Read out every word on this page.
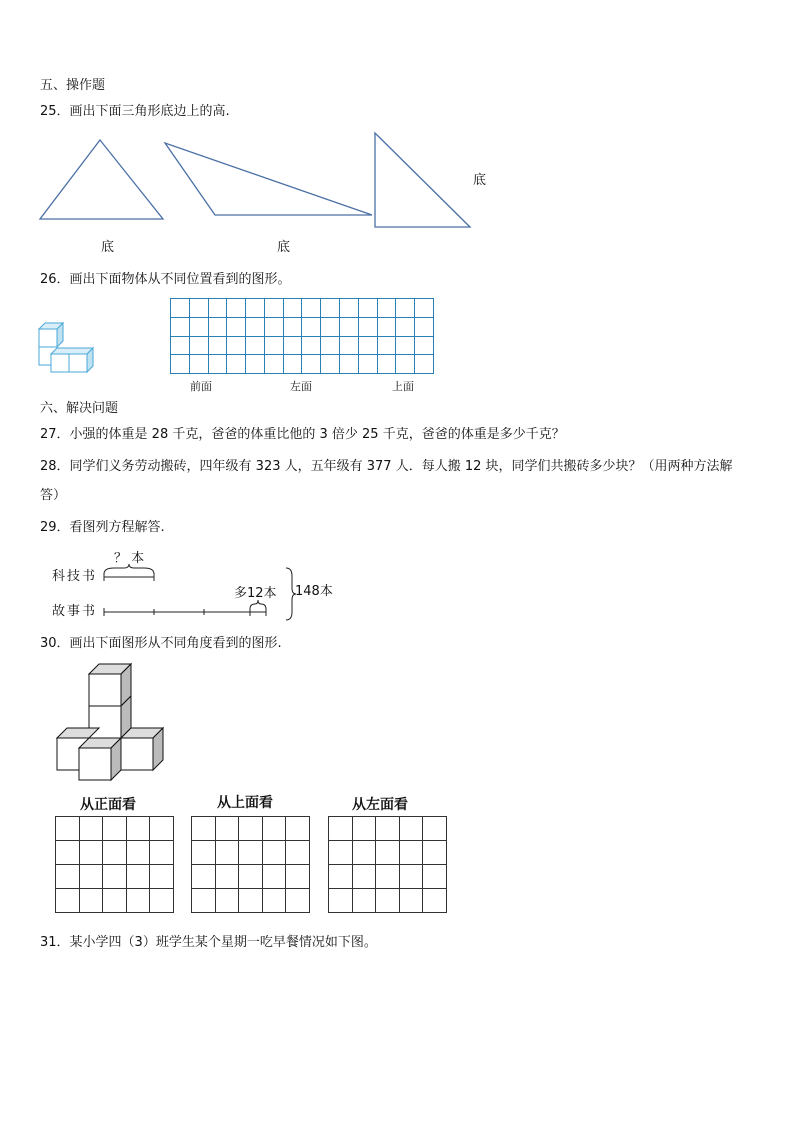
五、操作题
25．画出下面三角形底边上的高.
底	底
底
26．画出下面物体从不同位置看到的图形。

前面	左面	上面
六、解决问题
27．小强的体重是 28 千克，爸爸的体重比他的 3 倍少 25 千克，爸爸的体重是多少千克？
28．同学们义务劳动搬砖，四年级有 323 人，五年级有 377 人．每人搬 12 块，同学们共搬砖多少块？（用两种方法解
答）
29．看图列方程解答.
科技书
故事书
？ 本
多12本 148本
30．画出下面图形从不同角度看到的图形.
从正面看	从上面看	从左面看

31．某小学四（3）班学生某个星期一吃早餐情况如下图。
